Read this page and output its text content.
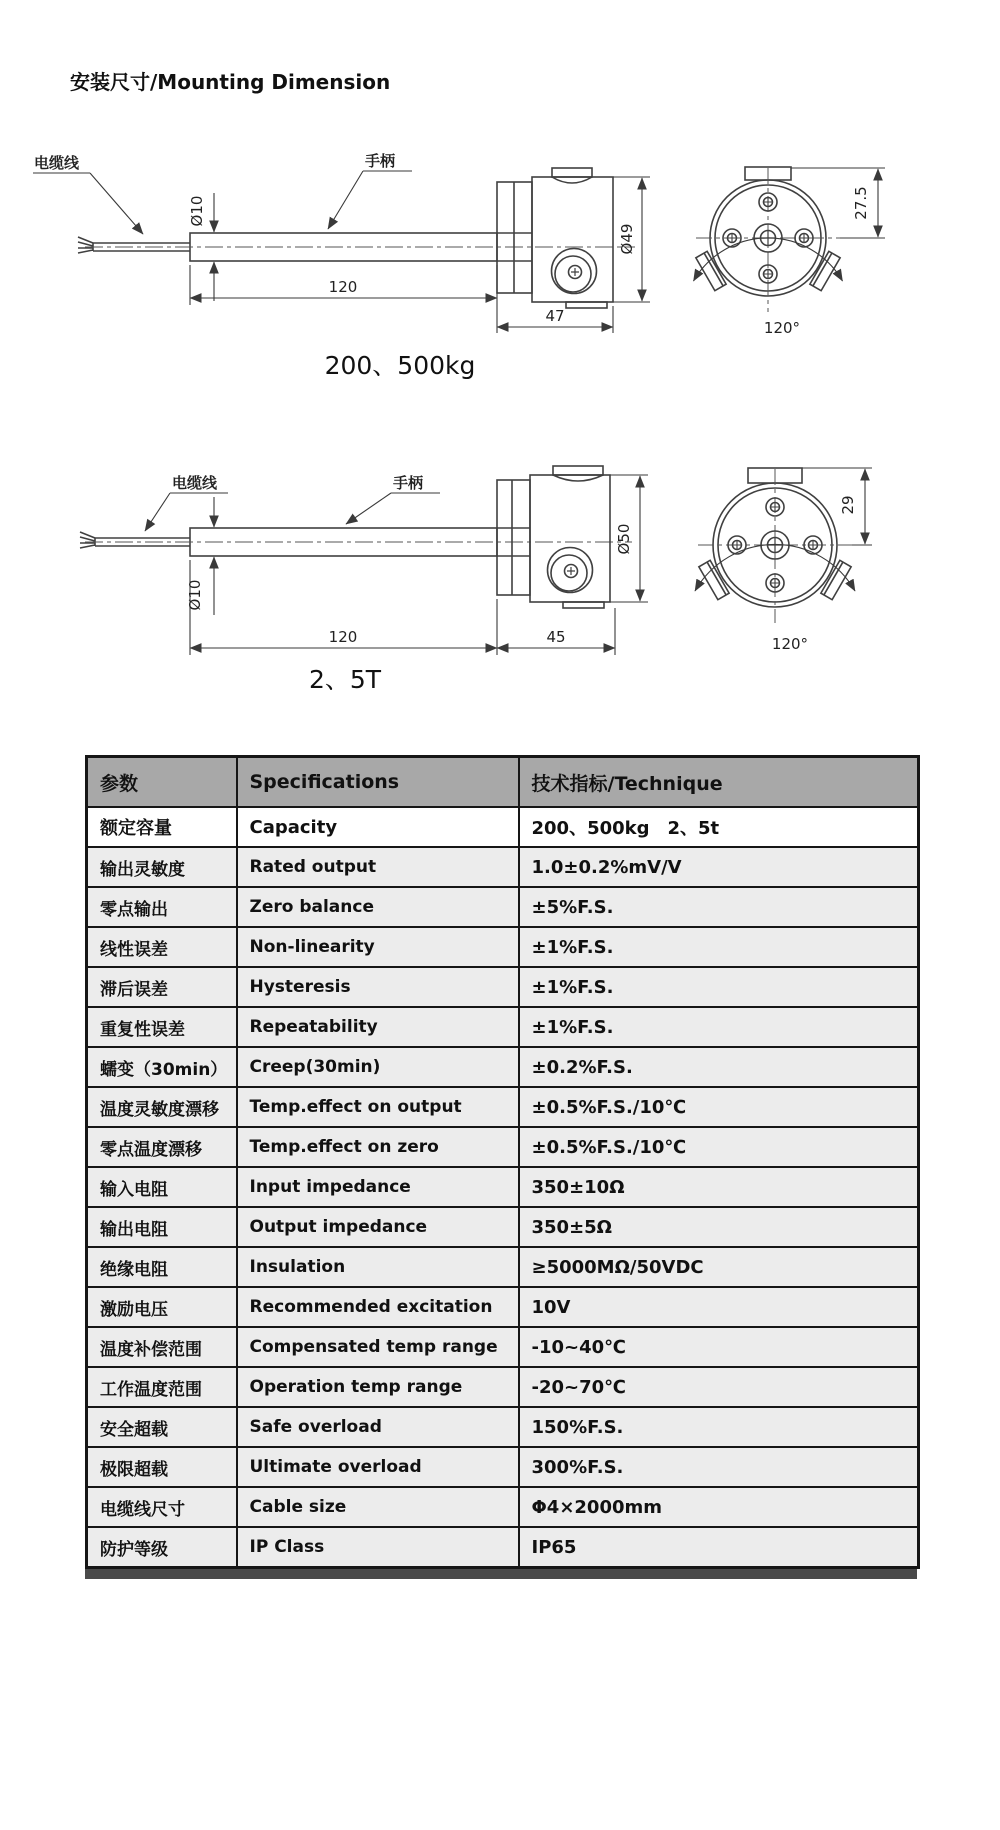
安装尺寸/Mounting Dimension
电缆线	手柄
Ø10
120
47
Ø49
27.5
120°
200、500kg
电缆线	手柄
Ø10
120	45
Ø50
29
120°
2、5T
参数	Specifications	技术指标/Technique
额定容量	Capacity	200、500kg　2、5t
输出灵敏度	Rated output	1.0±0.2%mV/V
零点输出	Zero balance	±5%F.S.
线性误差	Non-linearity	±1%F.S.
滞后误差	Hysteresis	±1%F.S.
重复性误差	Repeatability	±1%F.S.
蠕变（30min）	Creep(30min)	±0.2%F.S.
温度灵敏度漂移	Temp.effect on output	±0.5%F.S./10℃
零点温度漂移	Temp.effect on zero	±0.5%F.S./10℃
输入电阻	Input impedance	350±10Ω
输出电阻	Output impedance	350±5Ω
绝缘电阻	Insulation	≥5000MΩ/50VDC
激励电压	Recommended excitation	10V
温度补偿范围	Compensated temp range	-10~40℃
工作温度范围	Operation temp range	-20~70℃
安全超载	Safe overload	150%F.S.
极限超载	Ultimate overload	300%F.S.
电缆线尺寸	Cable size	Φ4×2000mm
防护等级	IP Class	IP65
